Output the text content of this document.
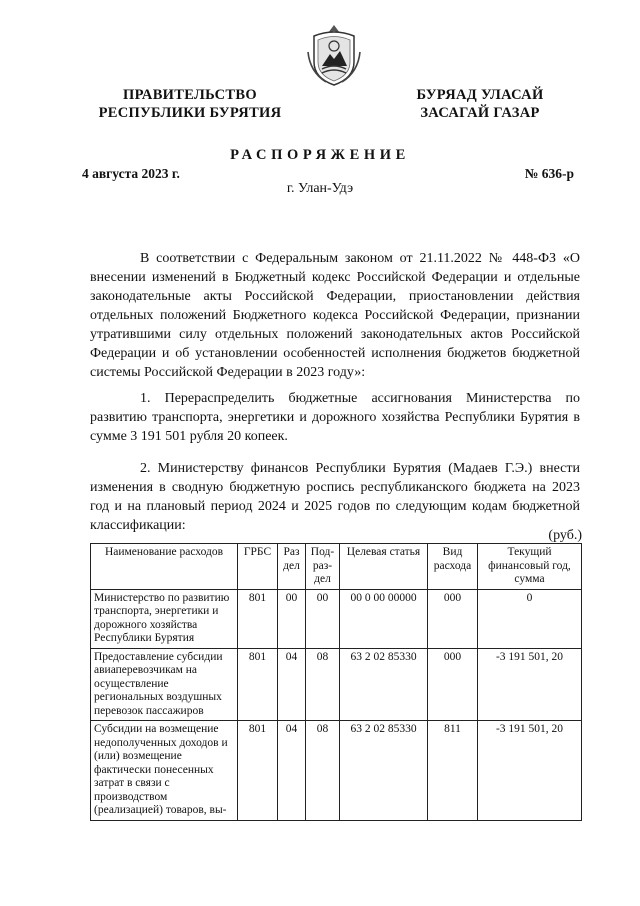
ПРАВИТЕЛЬСТВО
РЕСПУБЛИКИ БУРЯТИЯ
БУРЯАД УЛАСАЙ
ЗАСАГАЙ ГАЗАР
РАСПОРЯЖЕНИЕ
4 августа 2023 г.	№ 636-р
г. Улан-Удэ

В соответствии с Федеральным законом от 21.11.2022 № 448-ФЗ «О внесении изменений в Бюджетный кодекс Российской Федерации и отдельные законодательные акты Российской Федерации, приостановлении действия отдельных положений Бюджетного кодекса Российской Федерации, признании утратившими силу отдельных положений законодательных актов Российской Федерации и об установлении особенностей исполнения бюджетов бюджетной системы Российской Федерации в 2023 году»:

1. Перераспределить бюджетные ассигнования Министерства по развитию транспорта, энергетики и дорожного хозяйства Республики Бурятия в сумме 3 191 501 рубля 20 копеек.

2. Министерству финансов Республики Бурятия (Мадаев Г.Э.) внести изменения в сводную бюджетную роспись республиканского бюджета на 2023 год и на плановый период 2024 и 2025 годов по следующим кодам бюджетной классификации:

(руб.)
Наименование расходов	ГРБС	Раз дел	Под-раз-дел	Целевая статья	Вид расхода	Текущий финансовый год, сумма
Министерство по развитию транспорта, энергетики и дорожного хозяйства Республики Бурятия	801	00	00	00 0 00 00000	000	0
Предоставление субсидии авиаперевозчикам на осуществление региональных воздушных перевозок пассажиров	801	04	08	63 2 02 85330	000	-3 191 501, 20
Субсидии на возмещение недополученных доходов и (или) возмещение фактически понесенных затрат в связи с производством (реализацией) товаров, вы-	801	04	08	63 2 02 85330	811	-3 191 501, 20
